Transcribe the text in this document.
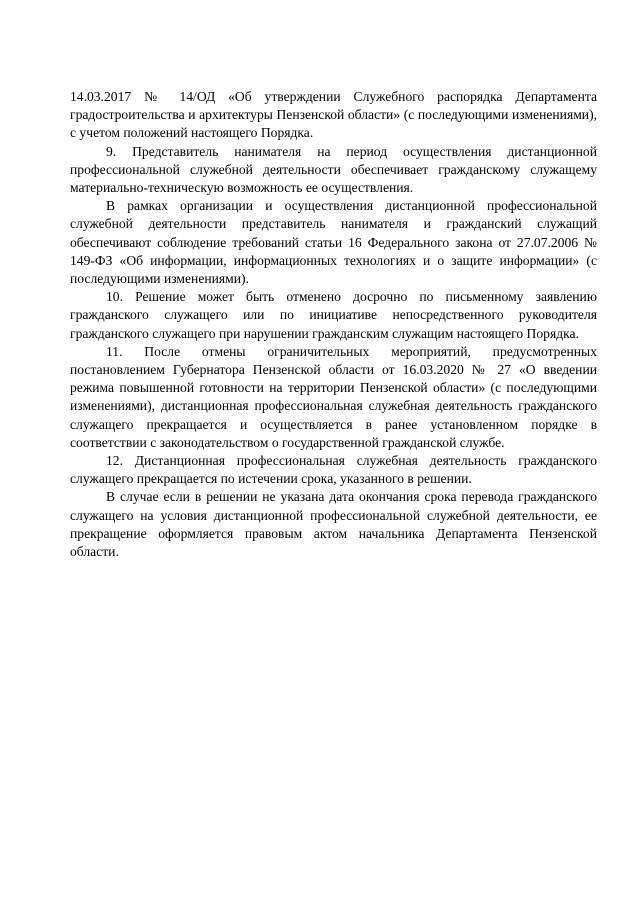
14.03.2017 № 14/ОД «Об утверждении Служебного распорядка Департамента градостроительства и архитектуры Пензенской области» (с последующими изменениями), с учетом положений настоящего Порядка.

9. Представитель нанимателя на период осуществления дистанционной профессиональной служебной деятельности обеспечивает гражданскому служащему материально-техническую возможность ее осуществления.

В рамках организации и осуществления дистанционной профессиональной служебной деятельности представитель нанимателя и гражданский служащий обеспечивают соблюдение требований статьи 16 Федерального закона от 27.07.2006 № 149-ФЗ «Об информации, информационных технологиях и о защите информации» (с последующими изменениями).

10. Решение может быть отменено досрочно по письменному заявлению гражданского служащего или по инициативе непосредственного руководителя гражданского служащего при нарушении гражданским служащим настоящего Порядка.

11. После отмены ограничительных мероприятий, предусмотренных постановлением Губернатора Пензенской области от 16.03.2020 № 27 «О введении режима повышенной готовности на территории Пензенской области» (с последующими изменениями), дистанционная профессиональная служебная деятельность гражданского служащего прекращается и осуществляется в ранее установленном порядке в соответствии с законодательством о государственной гражданской службе.

12. Дистанционная профессиональная служебная деятельность гражданского служащего прекращается по истечении срока, указанного в решении.

В случае если в решении не указана дата окончания срока перевода гражданского служащего на условия дистанционной профессиональной служебной деятельности, ее прекращение оформляется правовым актом начальника Департамента Пензенской области.
